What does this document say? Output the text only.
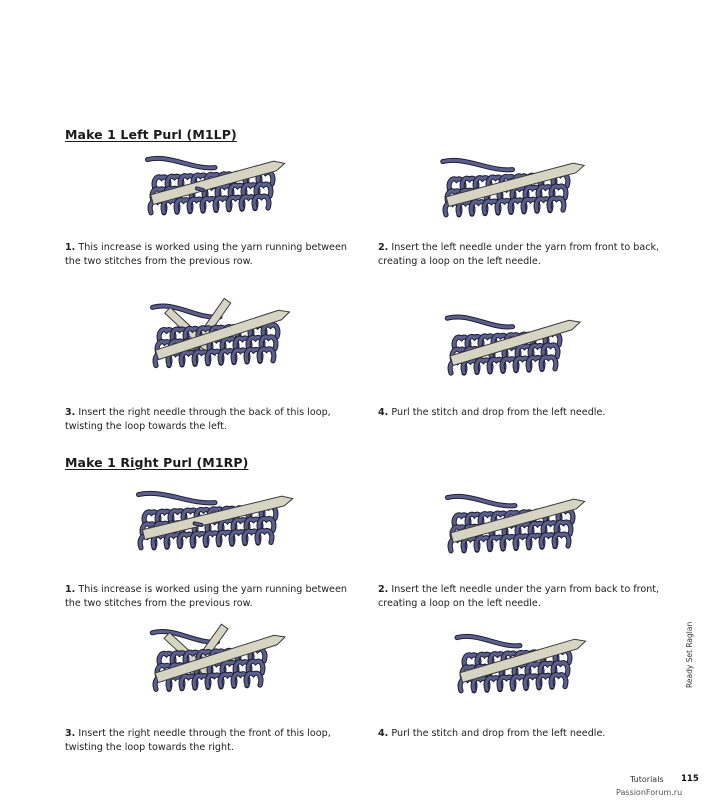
Make 1 Left Purl (M1LP)
1. This increase is worked using the yarn running between the two stitches from the previous row.
2. Insert the left needle under the yarn from front to back, creating a loop on the left needle.
3. Insert the right needle through the back of this loop, twisting the loop towards the left.
4. Purl the stitch and drop from the left needle.
Make 1 Right Purl (M1RP)
1. This increase is worked using the yarn running between the two stitches from the previous row.
2. Insert the left needle under the yarn from back to front, creating a loop on the left needle.
3. Insert the right needle through the front of this loop, twisting the loop towards the right.
4. Purl the stitch and drop from the left needle.
Ready Set Raglan
Tutorials 115
PassionForum.ru
